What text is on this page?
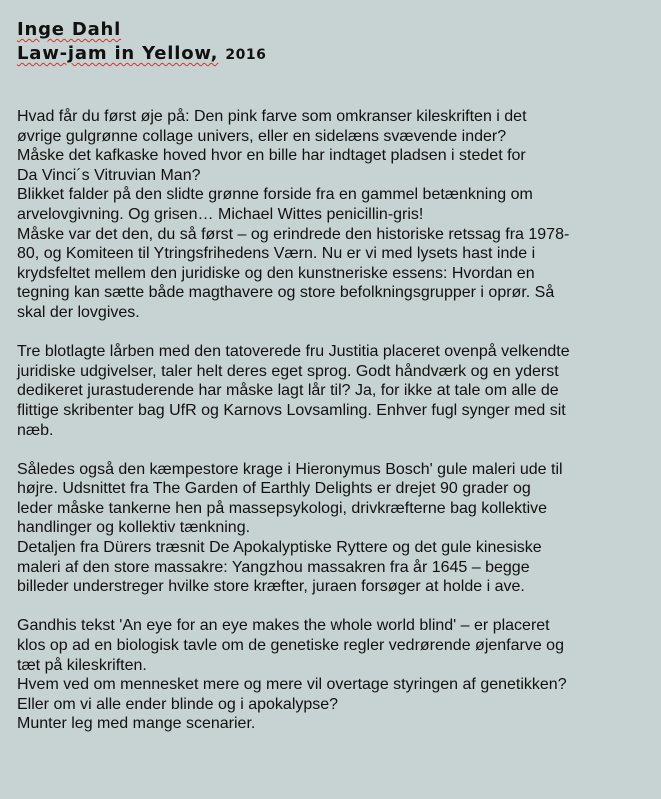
Inge Dahl

Law-jam in Yellow, 2016

Hvad får du først øje på: Den pink farve som omkranser kileskriften i det
øvrige gulgrønne collage univers, eller en sidelæns svævende inder?
Måske det kafkaske hoved hvor en bille har indtaget pladsen i stedet for
Da Vinci´s Vitruvian Man?
Blikket falder på den slidte grønne forside fra en gammel betænkning om
arvelovgivning. Og grisen… Michael Wittes penicillin-gris!
Måske var det den, du så først – og erindrede den historiske retssag fra 1978-
80, og Komiteen til Ytringsfrihedens Værn. Nu er vi med lysets hast inde i
krydsfeltet mellem den juridiske og den kunstneriske essens: Hvordan en
tegning kan sætte både magthavere og store befolkningsgrupper i oprør. Så
skal der lovgives.
Tre blotlagte lårben med den tatoverede fru Justitia placeret ovenpå velkendte
juridiske udgivelser, taler helt deres eget sprog. Godt håndværk og en yderst
dedikeret jurastuderende har måske lagt lår til? Ja, for ikke at tale om alle de
flittige skribenter bag UfR og Karnovs Lovsamling. Enhver fugl synger med sit
næb.
Således også den kæmpestore krage i Hieronymus Bosch' gule maleri ude til
højre. Udsnittet fra The Garden of Earthly Delights er drejet 90 grader og
leder måske tankerne hen på massepsykologi, drivkræfterne bag kollektive
handlinger og kollektiv tænkning.
Detaljen fra Dürers træsnit De Apokalyptiske Ryttere og det gule kinesiske
maleri af den store massakre: Yangzhou massakren fra år 1645 – begge
billeder understreger hvilke store kræfter, juraen forsøger at holde i ave.
Gandhis tekst 'An eye for an eye makes the whole world blind' – er placeret
klos op ad en biologisk tavle om de genetiske regler vedrørende øjenfarve og
tæt på kileskriften.
Hvem ved om mennesket mere og mere vil overtage styringen af genetikken?
Eller om vi alle ender blinde og i apokalypse?
Munter leg med mange scenarier.
